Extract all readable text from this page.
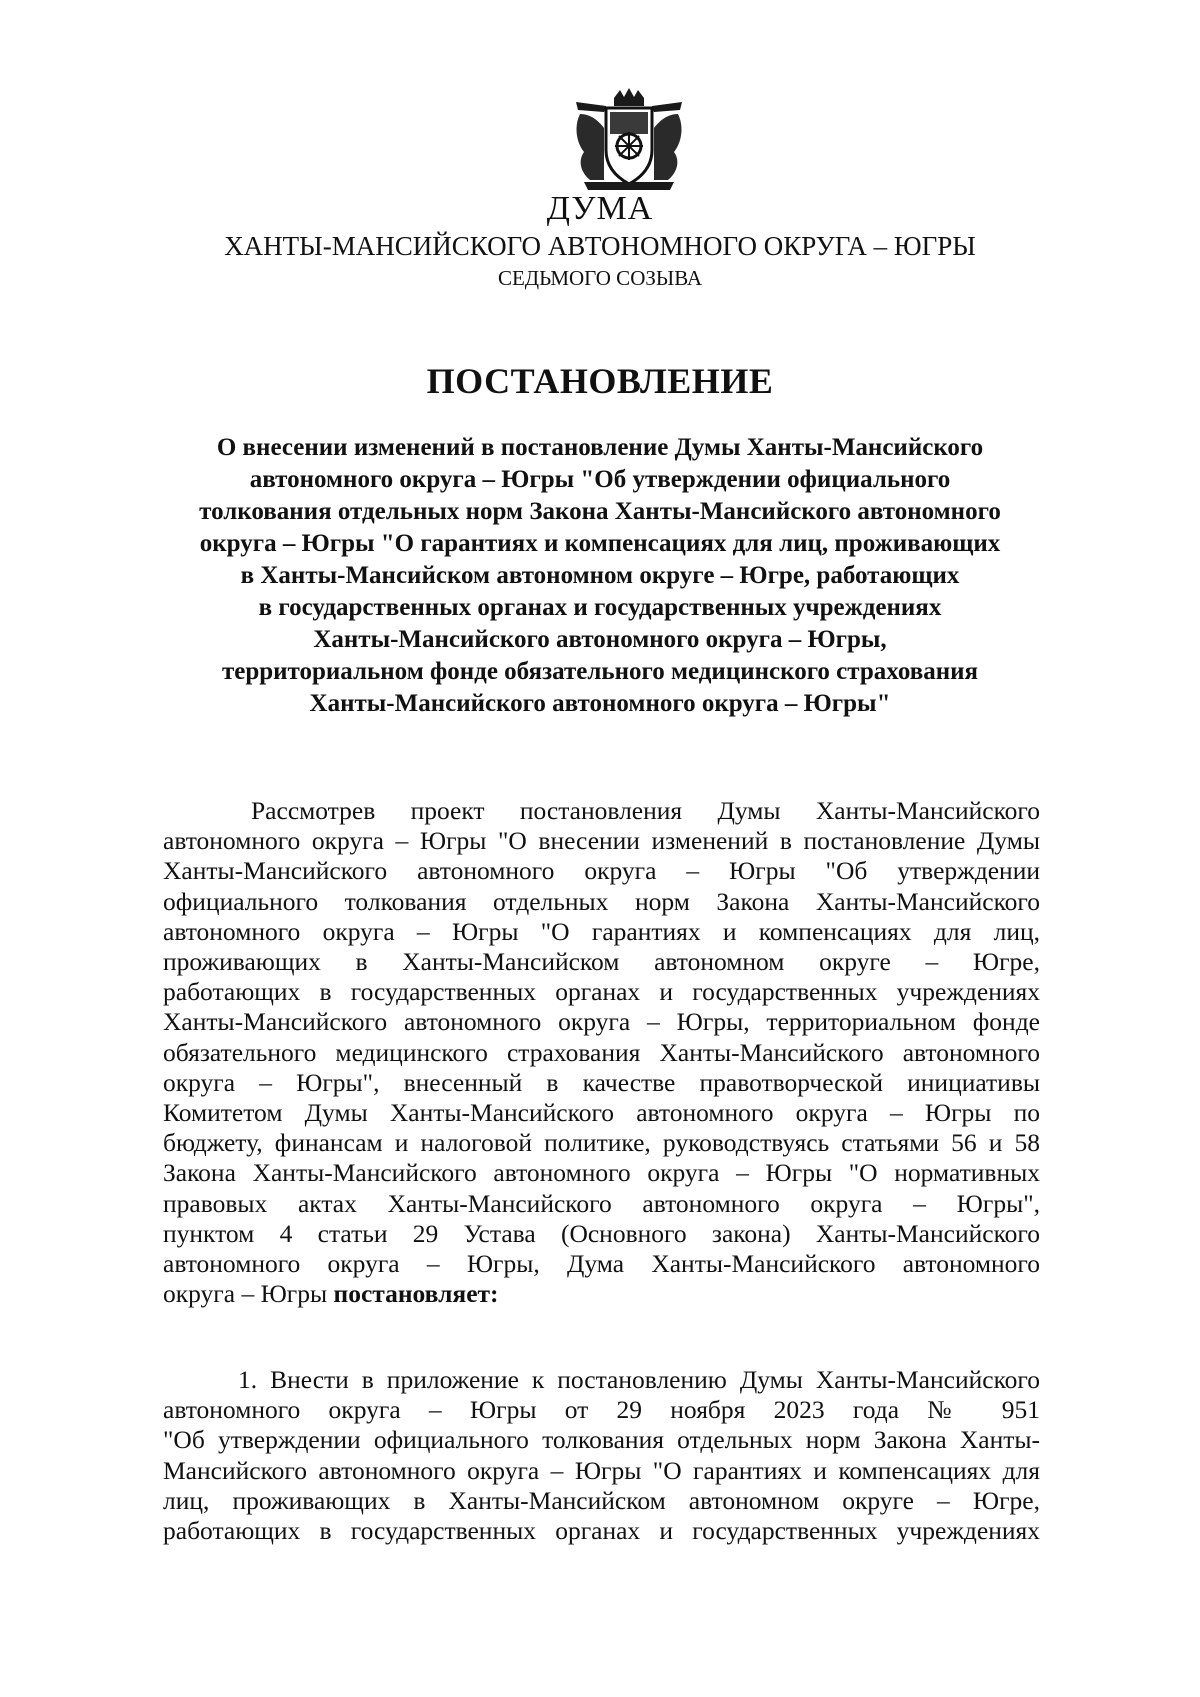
ДУМА
ХАНТЫ-МАНСИЙСКОГО АВТОНОМНОГО ОКРУГА – ЮГРЫ
СЕДЬМОГО СОЗЫВА
ПОСТАНОВЛЕНИЕ
О внесении изменений в постановление Думы Ханты-Мансийского
автономного округа – Югры "Об утверждении официального
толкования отдельных норм Закона Ханты-Мансийского автономного
округа – Югры "О гарантиях и компенсациях для лиц, проживающих
в Ханты-Мансийском автономном округе – Югре, работающих
в государственных органах и государственных учреждениях
Ханты-Мансийского автономного округа – Югры,
территориальном фонде обязательного медицинского страхования
Ханты-Мансийского автономного округа – Югры"
Рассмотрев проект постановления Думы Ханты-Мансийского
автономного округа – Югры "О внесении изменений в постановление Думы
Ханты-Мансийского автономного округа – Югры "Об утверждении
официального толкования отдельных норм Закона Ханты-Мансийского
автономного округа – Югры "О гарантиях и компенсациях для лиц,
проживающих в Ханты-Мансийском автономном округе – Югре,
работающих в государственных органах и государственных учреждениях
Ханты-Мансийского автономного округа – Югры, территориальном фонде
обязательного медицинского страхования Ханты-Мансийского автономного
округа – Югры", внесенный в качестве правотворческой инициативы
Комитетом Думы Ханты-Мансийского автономного округа – Югры по
бюджету, финансам и налоговой политике, руководствуясь статьями 56 и 58
Закона Ханты-Мансийского автономного округа – Югры "О нормативных
правовых актах Ханты-Мансийского автономного округа – Югры",
пунктом 4 статьи 29 Устава (Основного закона) Ханты-Мансийского
автономного округа – Югры, Дума Ханты-Мансийского автономного
округа – Югры постановляет:
1. Внести в приложение к постановлению Думы Ханты-Мансийского
автономного округа – Югры от 29 ноября 2023 года № 951
"Об утверждении официального толкования отдельных норм Закона Ханты-
Мансийского автономного округа – Югры "О гарантиях и компенсациях для
лиц, проживающих в Ханты-Мансийском автономном округе – Югре,
работающих в государственных органах и государственных учреждениях
